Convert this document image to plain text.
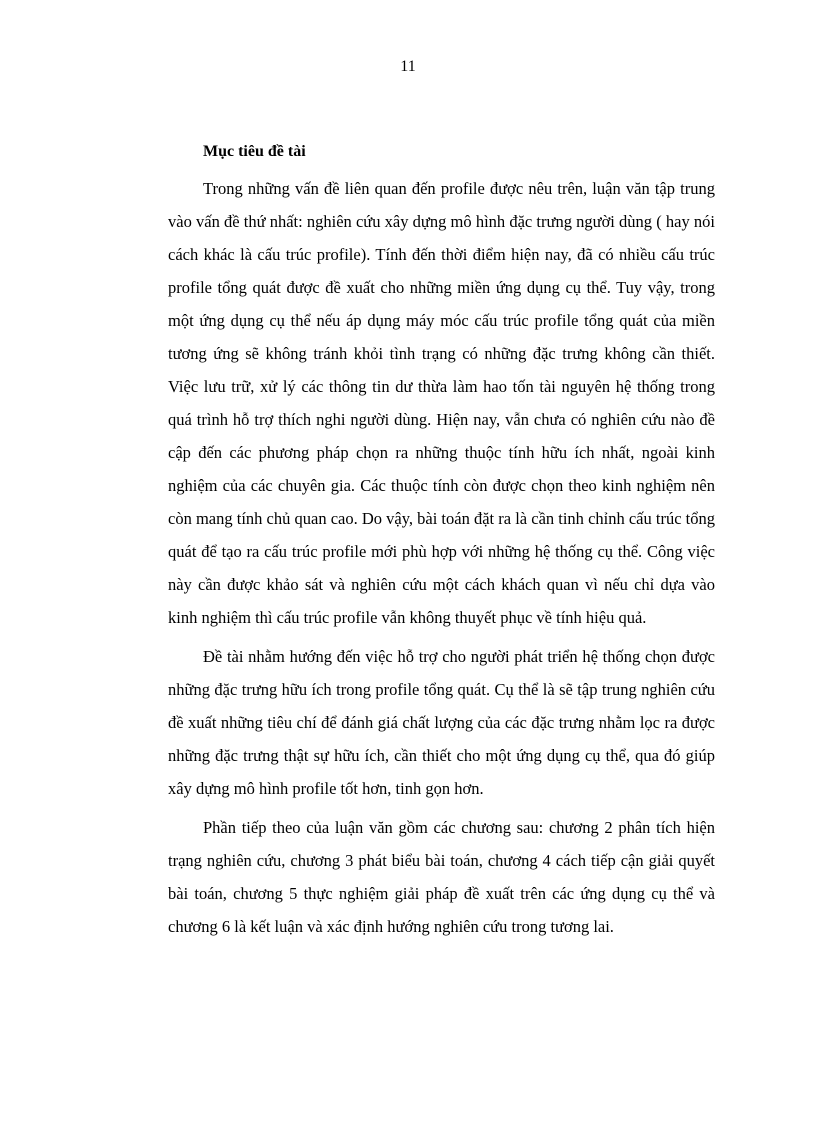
11
Mục tiêu đề tài

Trong những vấn đề liên quan đến profile được nêu trên, luận văn tập trung vào vấn đề thứ nhất: nghiên cứu xây dựng mô hình đặc trưng người dùng ( hay nói cách khác là cấu trúc profile). Tính đến thời điểm hiện nay, đã có nhiều cấu trúc profile tổng quát được đề xuất cho những miền ứng dụng cụ thể. Tuy vậy, trong một ứng dụng cụ thể nếu áp dụng máy móc cấu trúc profile tổng quát của miền tương ứng sẽ không tránh khỏi tình trạng có những đặc trưng không cần thiết. Việc lưu trữ, xử lý các thông tin dư thừa làm hao tốn tài nguyên hệ thống trong quá trình hỗ trợ thích nghi người dùng. Hiện nay, vẫn chưa có nghiên cứu nào đề cập đến các phương pháp chọn ra những thuộc tính hữu ích nhất, ngoài kinh nghiệm của các chuyên gia. Các thuộc tính còn được chọn theo kinh nghiệm nên còn mang tính chủ quan cao. Do vậy, bài toán đặt ra là cần tinh chỉnh cấu trúc tổng quát để tạo ra cấu trúc profile mới phù hợp với những hệ thống cụ thể. Công việc này cần được khảo sát và nghiên cứu một cách khách quan vì nếu chỉ dựa vào kinh nghiệm thì cấu trúc profile vẫn không thuyết phục về tính hiệu quả.

Đề tài nhằm hướng đến việc hỗ trợ cho người phát triển hệ thống chọn được những đặc trưng hữu ích trong profile tổng quát. Cụ thể là sẽ tập trung nghiên cứu đề xuất những tiêu chí để đánh giá chất lượng của các đặc trưng nhằm lọc ra được những đặc trưng thật sự hữu ích, cần thiết cho một ứng dụng cụ thể, qua đó giúp xây dựng mô hình profile tốt hơn, tinh gọn hơn.

Phần tiếp theo của luận văn gồm các chương sau: chương 2 phân tích hiện trạng nghiên cứu, chương 3 phát biểu bài toán, chương 4 cách tiếp cận giải quyết bài toán, chương 5 thực nghiệm giải pháp đề xuất trên các ứng dụng cụ thể và chương 6 là kết luận và xác định hướng nghiên cứu trong tương lai.
